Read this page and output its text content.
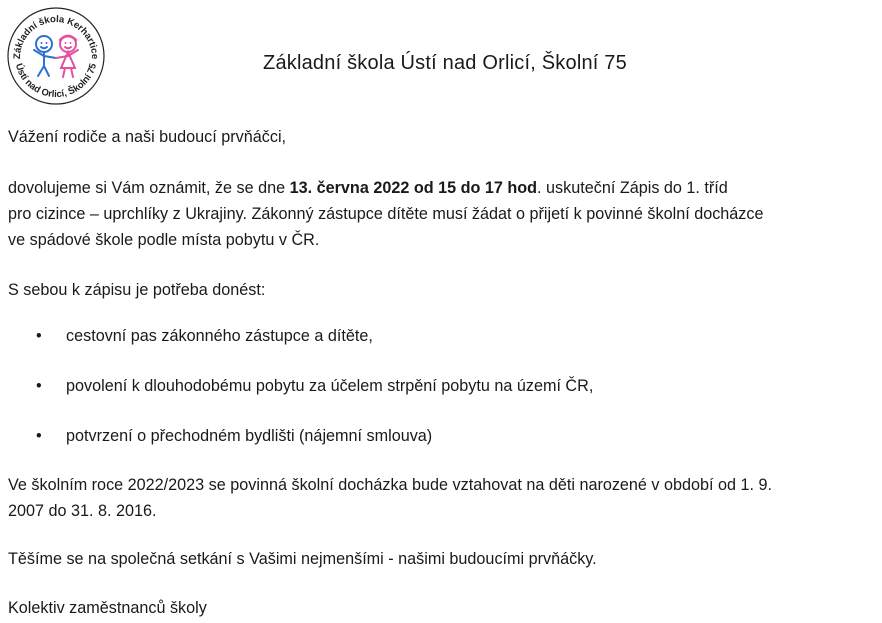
Základní škola Kerhartice
Ústí nad Orlicí, Školní 75	Základní škola Ústí nad Orlicí, Školní 75

Vážení rodiče a naši budoucí prvňáčci,

dovolujeme si Vám oznámit, že se dne 13. června 2022 od 15 do 17 hod. uskuteční Zápis do 1. tříd

pro cizince – uprchlíky z Ukrajiny. Zákonný zástupce dítěte musí žádat o přijetí k povinné školní docházce

ve spádové škole podle místa pobytu v ČR.

S sebou k zápisu je potřeba donést:

• cestovní pas zákonného zástupce a dítěte,
• povolení k dlouhodobému pobytu za účelem strpění pobytu na území ČR,
• potvrzení o přechodném bydlišti (nájemní smlouva)

Ve školním roce 2022/2023 se povinná školní docházka bude vztahovat na děti narozené v období od 1. 9.

2007 do 31. 8. 2016.

Těšíme se na společná setkání s Vašimi nejmenšími - našimi budoucími prvňáčky.

Kolektiv zaměstnanců školy
